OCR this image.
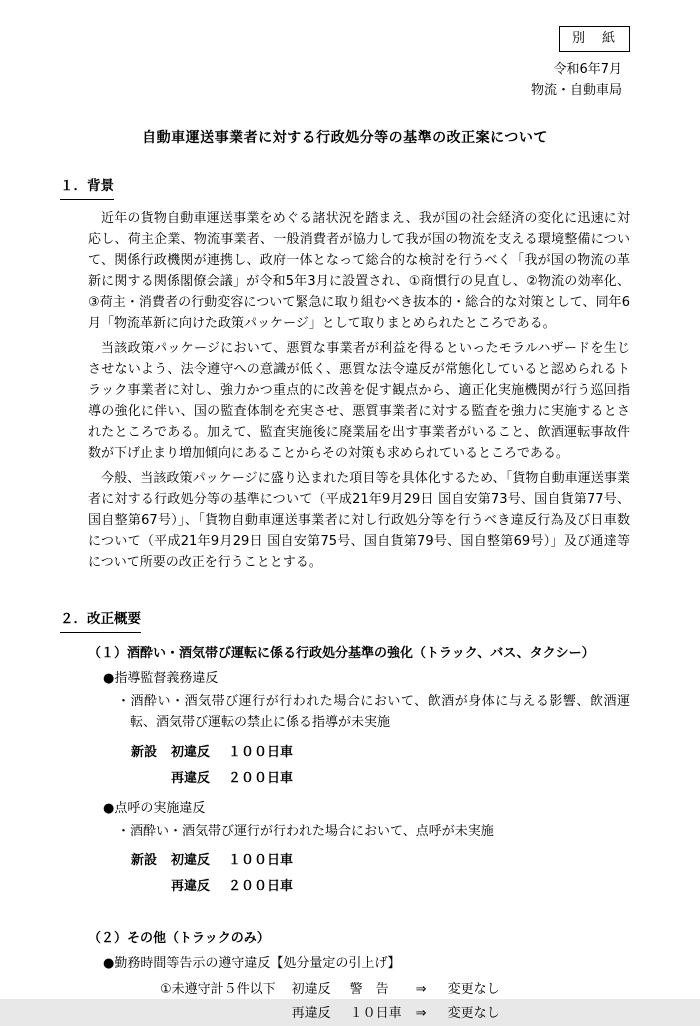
別　紙
令和6年7月
物流・自動車局
自動車運送事業者に対する行政処分等の基準の改正案について
１．背景

近年の貨物自動車運送事業をめぐる諸状況を踏まえ、我が国の社会経済の変化に迅速に対応し、荷主企業、物流事業者、一般消費者が協力して我が国の物流を支える環境整備について、関係行政機関が連携し、政府一体となって総合的な検討を行うべく「我が国の物流の革新に関する関係閣僚会議」が令和5年3月に設置され、①商慣行の見直し、②物流の効率化、③荷主・消費者の行動変容について緊急に取り組むべき抜本的・総合的な対策として、同年6月「物流革新に向けた政策パッケージ」として取りまとめられたところである。

当該政策パッケージにおいて、悪質な事業者が利益を得るといったモラルハザードを生じさせないよう、法令遵守への意識が低く、悪質な法令違反が常態化していると認められるトラック事業者に対し、強力かつ重点的に改善を促す観点から、適正化実施機関が行う巡回指導の強化に伴い、国の監査体制を充実させ、悪質事業者に対する監査を強力に実施するとされたところである。加えて、監査実施後に廃業届を出す事業者がいること、飲酒運転事故件数が下げ止まり増加傾向にあることからその対策も求められているところである。

今般、当該政策パッケージに盛り込まれた項目等を具体化するため、「貨物自動車運送事業者に対する行政処分等の基準について（平成21年9月29日 国自安第73号、国自貨第77号、国自整第67号）」、「貨物自動車運送事業者に対し行政処分等を行うべき違反行為及び日車数について（平成21年9月29日 国自安第75号、国自貨第79号、国自整第69号）」及び通達等について所要の改正を行うこととする。

２．改正概要
（１）酒酔い・酒気帯び運転に係る行政処分基準の強化（トラック、バス、タクシー）
●指導監督義務違反
・酒酔い・酒気帯び運行が行われた場合において、飲酒が身体に与える影響、飲酒運転、酒気帯び運転の禁止に係る指導が未実施
新設 初違反 １００日車
再違反 ２００日車
●点呼の実施違反
・酒酔い・酒気帯び運行が行われた場合において、点呼が未実施
新設 初違反 １００日車
再違反 ２００日車
（２）その他（トラックのみ）
●勤務時間等告示の遵守違反【処分量定の引上げ】
①未遵守計５件以下 初違反	警　告	⇒	変更なし
再違反	１０日車	⇒	変更なし
